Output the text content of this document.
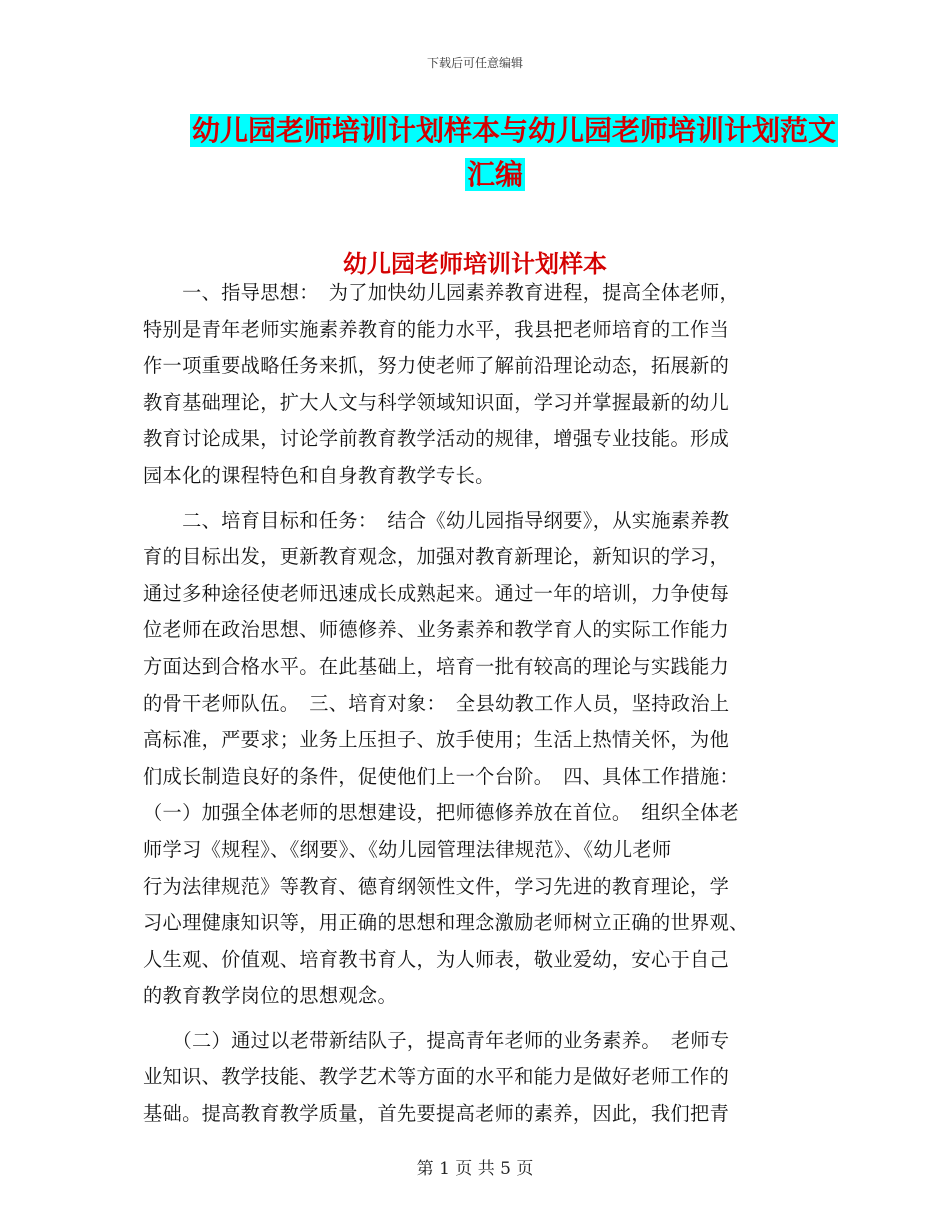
下载后可任意编辑
幼儿园老师培训计划样本与幼儿园老师培训计划范文
汇编
幼儿园老师培训计划样本
　　一、指导思想：　为了加快幼儿园素养教育进程，提高全体老师，
特别是青年老师实施素养教育的能力水平，我县把老师培育的工作当
作一项重要战略任务来抓，努力使老师了解前沿理论动态，拓展新的
教育基础理论，扩大人文与科学领域知识面，学习并掌握最新的幼儿
教育讨论成果，讨论学前教育教学活动的规律，增强专业技能。形成
园本化的课程特色和自身教育教学专长。
　　二、培育目标和任务：　结合《幼儿园指导纲要》，从实施素养教
育的目标出发，更新教育观念，加强对教育新理论，新知识的学习，
通过多种途径使老师迅速成长成熟起来。通过一年的培训，力争使每
位老师在政治思想、师德修养、业务素养和教学育人的实际工作能力
方面达到合格水平。在此基础上，培育一批有较高的理论与实践能力
的骨干老师队伍。　三、培育对象：　全县幼教工作人员，坚持政治上
高标准，严要求；业务上压担子、放手使用；生活上热情关怀，为他
们成长制造良好的条件，促使他们上一个台阶。　四、具体工作措施：
（一）加强全体老师的思想建设，把师德修养放在首位。　组织全体老
师学习《规程》、《纲要》、《幼儿园管理法律规范》、《幼儿老师
行为法律规范》等教育、德育纲领性文件，学习先进的教育理论，学
习心理健康知识等，用正确的思想和理念激励老师树立正确的世界观、
人生观、价值观、培育教书育人，为人师表，敬业爱幼，安心于自己
的教育教学岗位的思想观念。
　　（二）通过以老带新结队子，提高青年老师的业务素养。　老师专
业知识、教学技能、教学艺术等方面的水平和能力是做好老师工作的
基础。提高教育教学质量，首先要提高老师的素养，因此，我们把青
第 1 页 共 5 页
